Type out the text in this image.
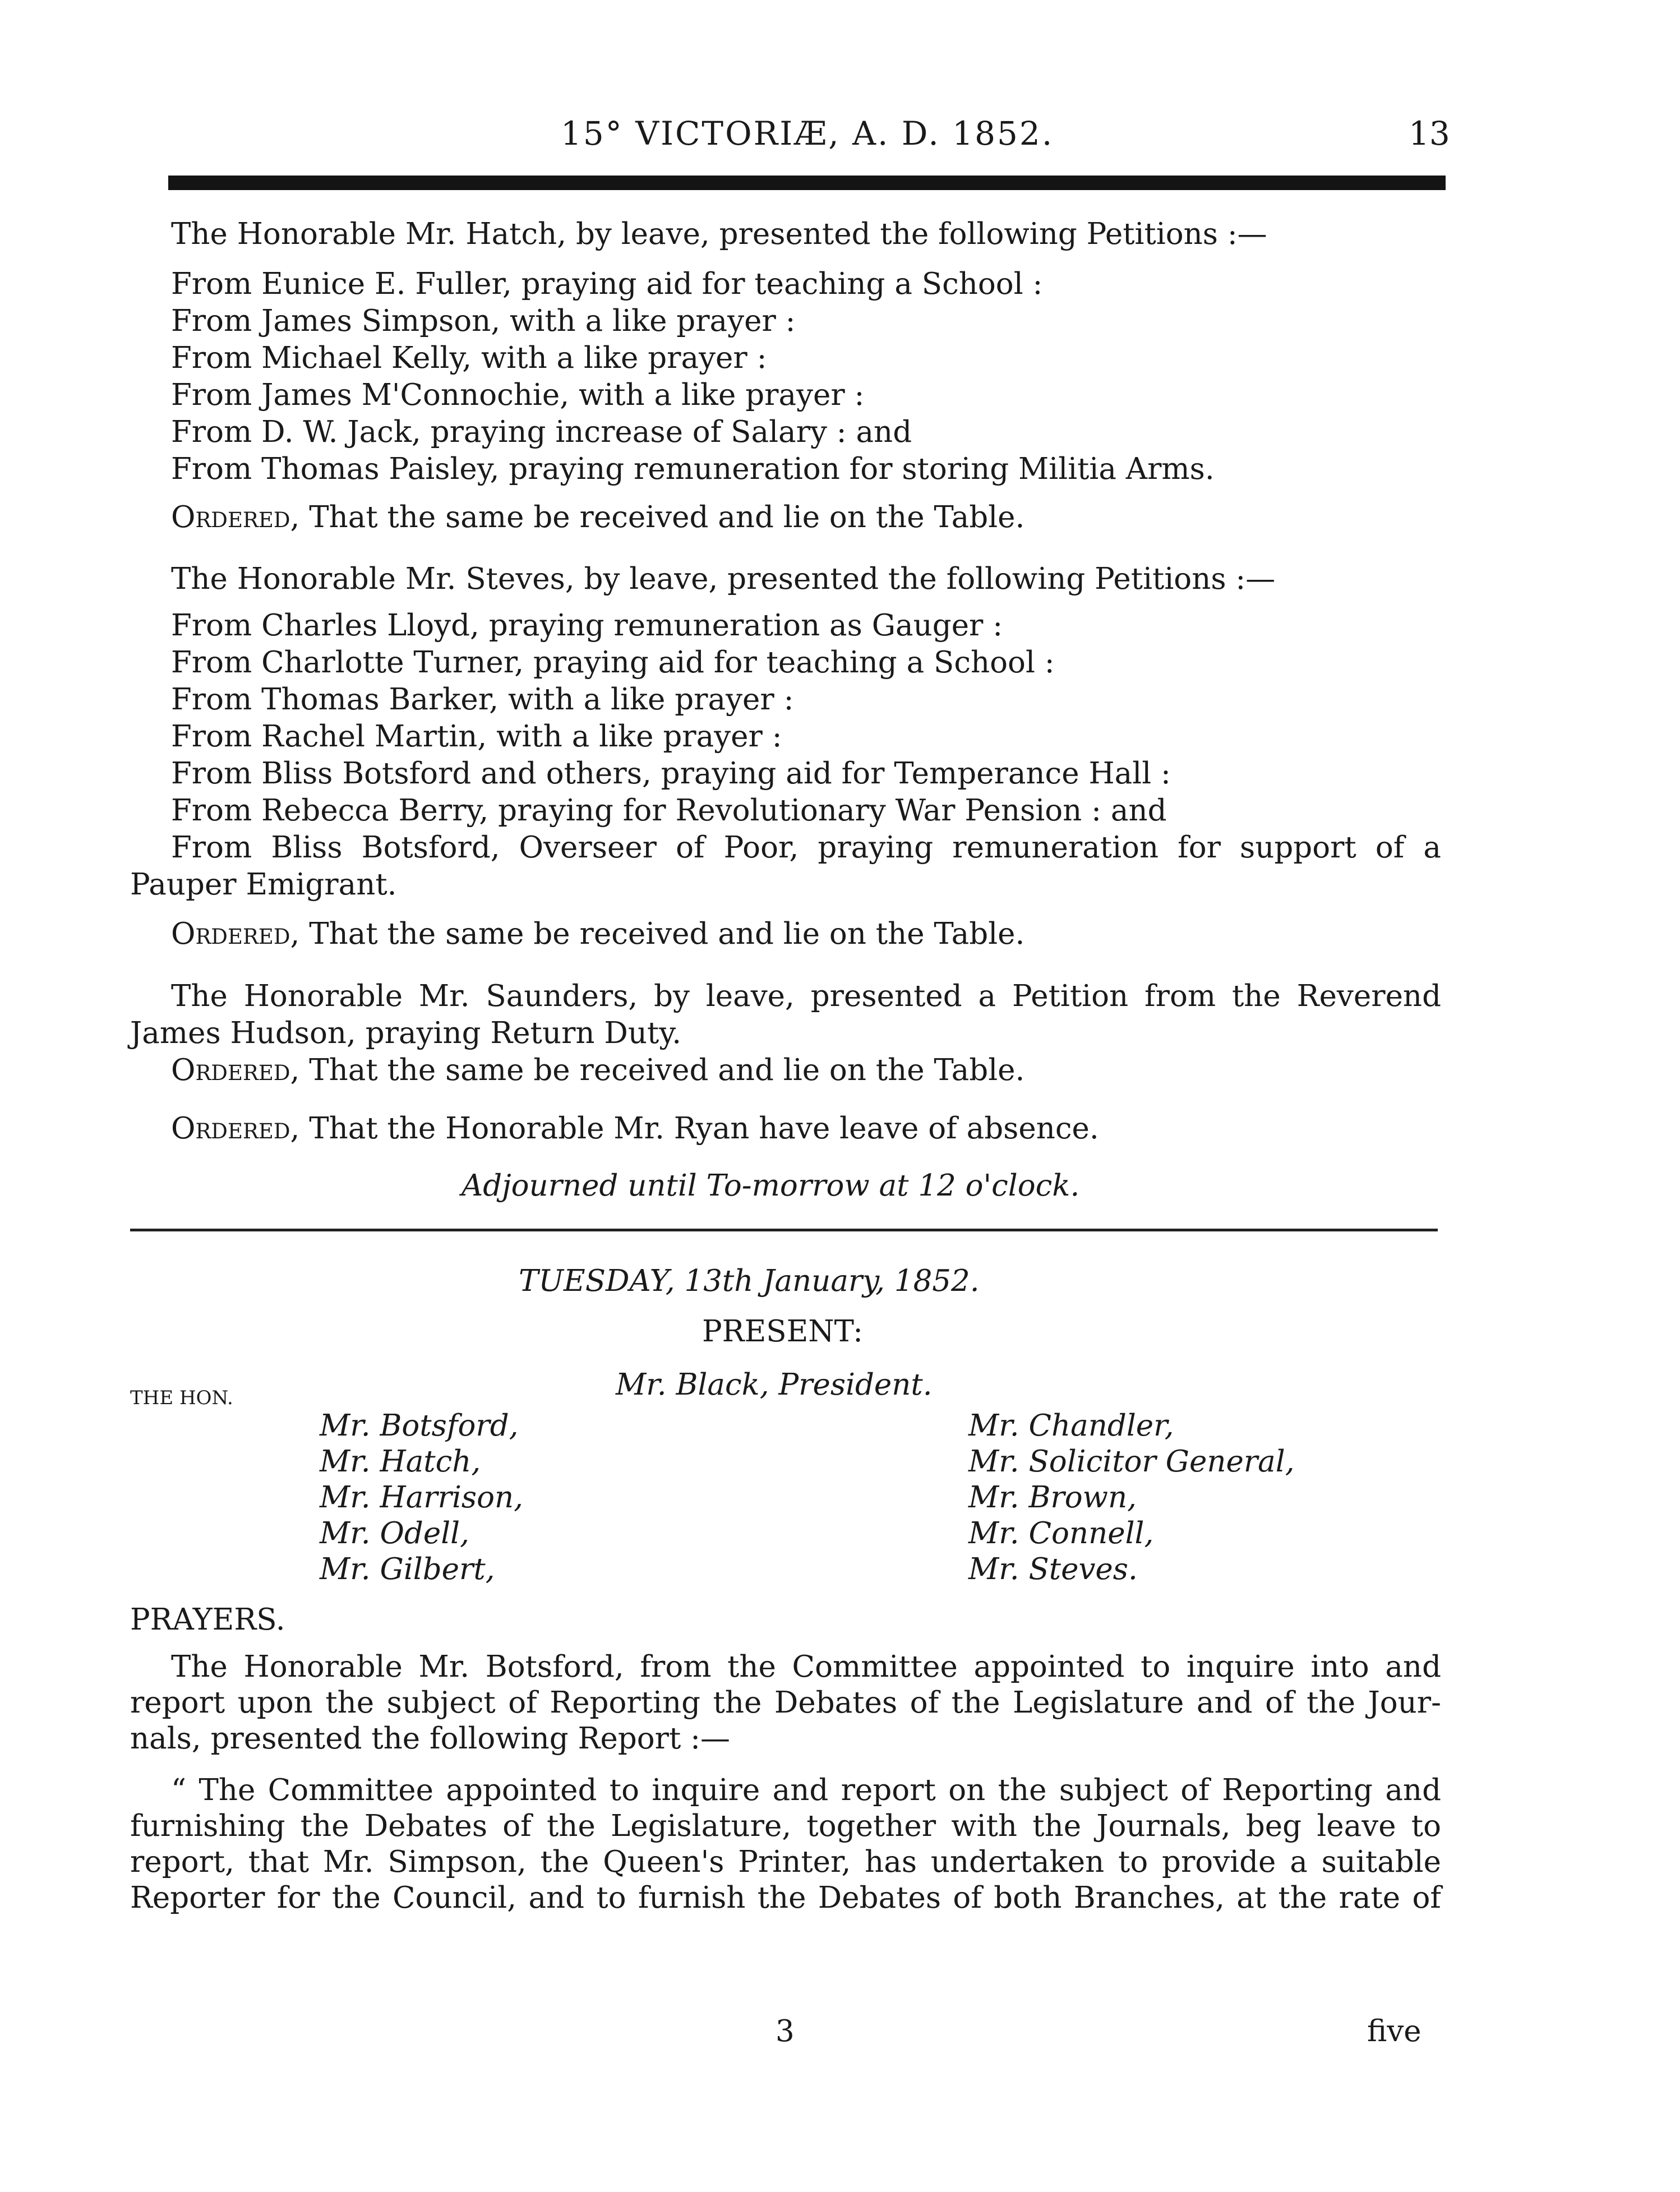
15° VICTORIÆ, A. D. 1852.	13
The Honorable Mr. Hatch, by leave, presented the following Petitions :—
From Eunice E. Fuller, praying aid for teaching a School :
From James Simpson, with a like prayer :
From Michael Kelly, with a like prayer :
From James M'Connochie, with a like prayer :
From D. W. Jack, praying increase of Salary : and
From Thomas Paisley, praying remuneration for storing Militia Arms.
Ordered, That the same be received and lie on the Table.
The Honorable Mr. Steves, by leave, presented the following Petitions :—
From Charles Lloyd, praying remuneration as Gauger :
From Charlotte Turner, praying aid for teaching a School :
From Thomas Barker, with a like prayer :
From Rachel Martin, with a like prayer :
From Bliss Botsford and others, praying aid for Temperance Hall :
From Rebecca Berry, praying for Revolutionary War Pension : and
From Bliss Botsford, Overseer of Poor, praying remuneration for support of a
Pauper Emigrant.
Ordered, That the same be received and lie on the Table.
The Honorable Mr. Saunders, by leave, presented a Petition from the Reverend
James Hudson, praying Return Duty.
Ordered, That the same be received and lie on the Table.
Ordered, That the Honorable Mr. Ryan have leave of absence.
Adjourned until To-morrow at 12 o'clock.
TUESDAY, 13th January, 1852.
PRESENT:
THE HON.	Mr. Black, President.
Mr. Botsford,
Mr. Hatch,
Mr. Harrison,
Mr. Odell,
Mr. Gilbert,
Mr. Chandler,
Mr. Solicitor General,
Mr. Brown,
Mr. Connell,
Mr. Steves.
PRAYERS.
The Honorable Mr. Botsford, from the Committee appointed to inquire into and
report upon the subject of Reporting the Debates of the Legislature and of the Jour-
nals, presented the following Report :—
“ The Committee appointed to inquire and report on the subject of Reporting and
furnishing the Debates of the Legislature, together with the Journals, beg leave to
report, that Mr. Simpson, the Queen's Printer, has undertaken to provide a suitable
Reporter for the Council, and to furnish the Debates of both Branches, at the rate of
3	five
